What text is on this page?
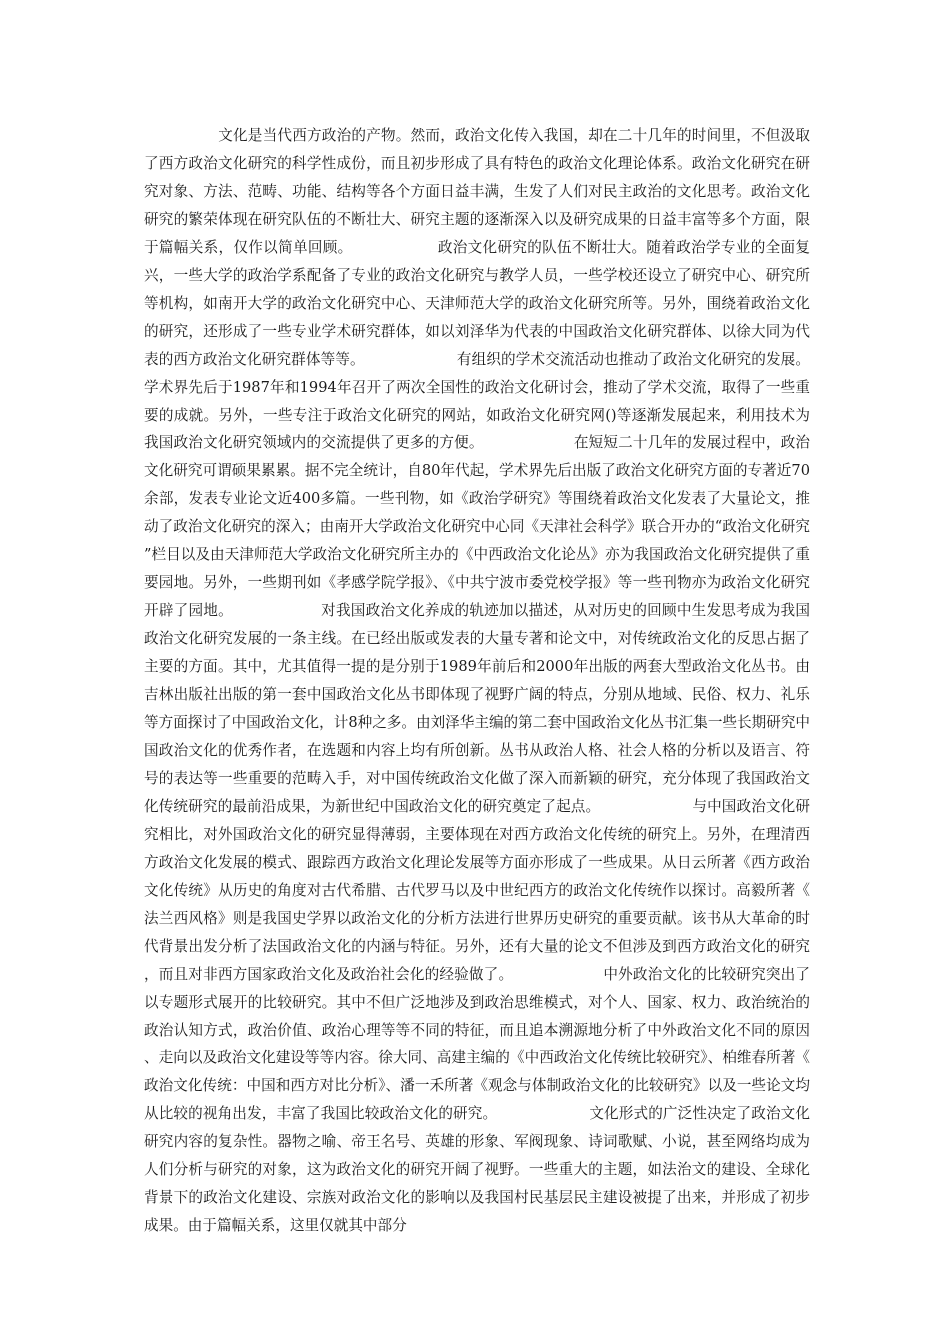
文化是当代西方政治的产物。然而，政治文化传入我国，却在二十几年的时间里，不但汲取了西方政治文化研究的科学性成份，而且初步形成了具有特色的政治文化理论体系。政治文化研究在研究对象、方法、范畴、功能、结构等各个方面日益丰满，生发了人们对民主政治的文化思考。政治文化研究的繁荣体现在研究队伍的不断壮大、研究主题的逐渐深入以及研究成果的日益丰富等多个方面，限于篇幅关系，仅作以简单回顾。	政治文化研究的队伍不断壮大。随着政治学专业的全面复兴，一些大学的政治学系配备了专业的政治文化研究与教学人员，一些学校还设立了研究中心、研究所等机构，如南开大学的政治文化研究中心、天津师范大学的政治文化研究所等。另外，围绕着政治文化的研究，还形成了一些专业学术研究群体，如以刘泽华为代表的中国政治文化研究群体、以徐大同为代表的西方政治文化研究群体等等。	有组织的学术交流活动也推动了政治文化研究的发展。学术界先后于1987年和1994年召开了两次全国性的政治文化研讨会，推动了学术交流，取得了一些重要的成就。另外，一些专注于政治文化研究的网站，如政治文化研究网()等逐渐发展起来，利用技术为我国政治文化研究领域内的交流提供了更多的方便。	在短短二十几年的发展过程中，政治文化研究可谓硕果累累。据不完全统计，自80年代起，学术界先后出版了政治文化研究方面的专著近70余部，发表专业论文近400多篇。一些刊物，如《政治学研究》等围绕着政治文化发表了大量论文，推动了政治文化研究的深入；由南开大学政治文化研究中心同《天津社会科学》联合开办的“政治文化研究”栏目以及由天津师范大学政治文化研究所主办的《中西政治文化论丛》亦为我国政治文化研究提供了重要园地。另外，一些期刊如《孝感学院学报》、《中共宁波市委党校学报》等一些刊物亦为政治文化研究开辟了园地。	对我国政治文化养成的轨迹加以描述，从对历史的回顾中生发思考成为我国政治文化研究发展的一条主线。在已经出版或发表的大量专著和论文中，对传统政治文化的反思占据了主要的方面。其中，尤其值得一提的是分别于1989年前后和2000年出版的两套大型政治文化丛书。由吉林出版社出版的第一套中国政治文化丛书即体现了视野广阔的特点，分别从地域、民俗、权力、礼乐等方面探讨了中国政治文化，计8种之多。由刘泽华主编的第二套中国政治文化丛书汇集一些长期研究中国政治文化的优秀作者，在选题和内容上均有所创新。丛书从政治人格、社会人格的分析以及语言、符号的表达等一些重要的范畴入手，对中国传统政治文化做了深入而新颖的研究，充分体现了我国政治文化传统研究的最前沿成果，为新世纪中国政治文化的研究奠定了起点。	与中国政治文化研究相比，对外国政治文化的研究显得薄弱，主要体现在对西方政治文化传统的研究上。另外，在理清西方政治文化发展的模式、跟踪西方政治文化理论发展等方面亦形成了一些成果。从日云所著《西方政治文化传统》从历史的角度对古代希腊、古代罗马以及中世纪西方的政治文化传统作以探讨。高毅所著《法兰西风格》则是我国史学界以政治文化的分析方法进行世界历史研究的重要贡献。该书从大革命的时代背景出发分析了法国政治文化的内涵与特征。另外，还有大量的论文不但涉及到西方政治文化的研究，而且对非西方国家政治文化及政治社会化的经验做了。	中外政治文化的比较研究突出了以专题形式展开的比较研究。其中不但广泛地涉及到政治思维模式，对个人、国家、权力、政治统治的政治认知方式，政治价值、政治心理等等不同的特征，而且追本溯源地分析了中外政治文化不同的原因、走向以及政治文化建设等等内容。徐大同、高建主编的《中西政治文化传统比较研究》、柏维春所著《政治文化传统：中国和西方对比分析》、潘一禾所著《观念与体制政治文化的比较研究》以及一些论文均从比较的视角出发，丰富了我国比较政治文化的研究。	文化形式的广泛性决定了政治文化研究内容的复杂性。器物之喻、帝王名号、英雄的形象、军阀现象、诗词歌赋、小说，甚至网络均成为人们分析与研究的对象，这为政治文化的研究开阔了视野。一些重大的主题，如法治文的建设、全球化背景下的政治文化建设、宗族对政治文化的影响以及我国村民基层民主建设被提了出来，并形成了初步成果。由于篇幅关系，这里仅就其中部分
